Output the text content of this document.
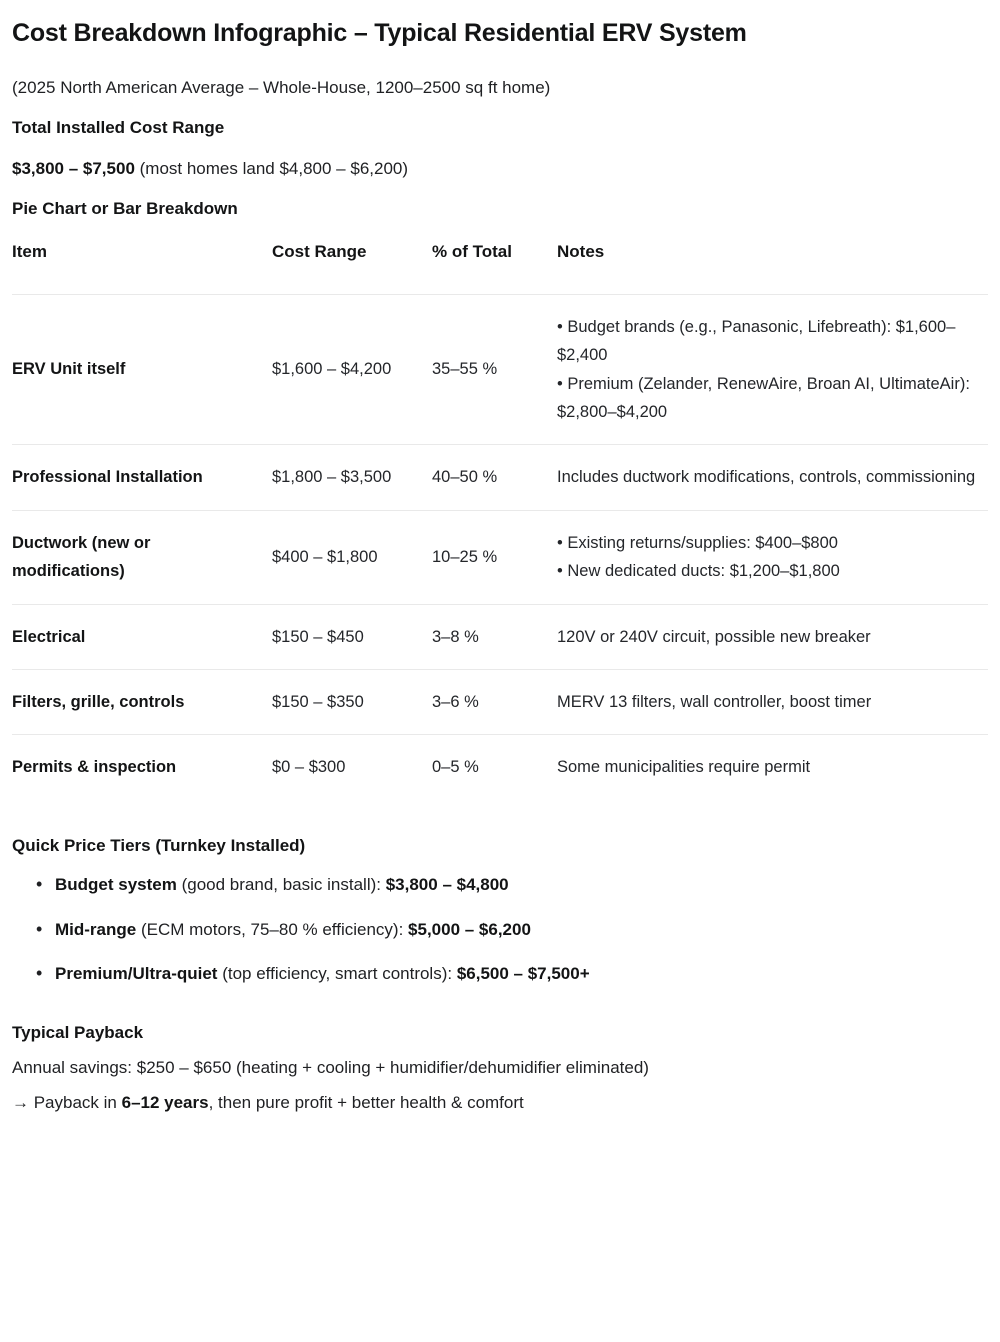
Cost Breakdown Infographic – Typical Residential ERV System

(2025 North American Average – Whole-House, 1200–2500 sq ft home)

Total Installed Cost Range

$3,800 – $7,500 (most homes land $4,800 – $6,200)

Pie Chart or Bar Breakdown

Item	Cost Range	% of Total	Notes
ERV Unit itself	$1,600 – $4,200	35–55 %	• Budget brands (e.g., Panasonic, Lifebreath): $1,600–$2,400
• Premium (Zelander, RenewAire, Broan AI, UltimateAir): $2,800–$4,200

Professional Installation	$1,800 – $3,500	40–50 %	Includes ductwork modifications, controls, commissioning

Ductwork (new or modifications)	$400 – $1,800	10–25 %	• Existing returns/supplies: $400–$800
• New dedicated ducts: $1,200–$1,800

Electrical	$150 – $450	3–8 %	120V or 240V circuit, possible new breaker

Filters, grille, controls	$150 – $350	3–6 %	MERV 13 filters, wall controller, boost timer

Permits & inspection	$0 – $300	0–5 %	Some municipalities require permit

Quick Price Tiers (Turnkey Installed)

• Budget system (good brand, basic install): $3,800 – $4,800
• Mid-range (ECM motors, 75–80 % efficiency): $5,000 – $6,200
• Premium/Ultra-quiet (top efficiency, smart controls): $6,500 – $7,500+

Typical Payback

Annual savings: $250 – $650 (heating + cooling + humidifier/dehumidifier eliminated)

→ Payback in 6–12 years, then pure profit + better health & comfort
